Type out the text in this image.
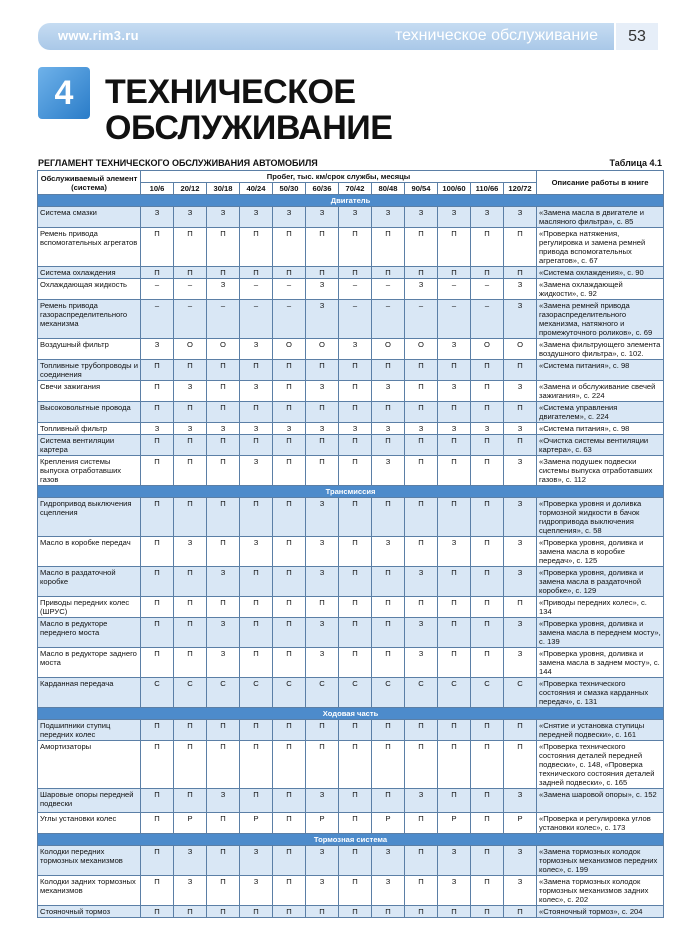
www.rim3.ru	техническое обслуживание	53
4 ТЕХНИЧЕСКОЕ
ОБСЛУЖИВАНИЕ
РЕГЛАМЕНТ ТЕХНИЧЕСКОГО ОБСЛУЖИВАНИЯ АВТОМОБИЛЯ	Таблица 4.1
Обслуживаемый элемент (система)	Пробег, тыс. км/срок службы, месяцы												Описание работы в книге
	10/6	20/12	30/18	40/24	50/30	60/36	70/42	80/48	90/54	100/60	110/66	120/72	
Двигатель													
Система смазки	З	З	З	З	З	З	З	З	З	З	З	З	«Замена масла в двигателе и масляного фильтра», с. 85
Ремень привода вспомогательных агрегатов	П	П	П	П	П	П	П	П	П	П	П	П	«Проверка натяжения, регулировка и замена ремней привода вспомогательных агрегатов», с. 67
Система охлаждения	П	П	П	П	П	П	П	П	П	П	П	П	«Система охлаждения», с. 90
Охлаждающая жидкость	–	–	З	–	–	З	–	–	З	–	–	З	«Замена охлаждающей жидкости», с. 92
Ремень привода газораспределительного механизма	–	–	–	–	–	З	–	–	–	–	–	З	«Замена ремней привода газораспределительного механизма, натяжного и промежуточного роликов», с. 69
Воздушный фильтр	З	О	О	З	О	О	З	О	О	З	О	О	«Замена фильтрующего элемента воздушного фильтра», с. 102.
Топливные трубопроводы и соединения	П	П	П	П	П	П	П	П	П	П	П	П	«Система питания», с. 98
Свечи зажигания	П	З	П	З	П	З	П	З	П	З	П	З	«Замена и обслуживание свечей зажигания», с. 224
Высоковольтные провода	П	П	П	П	П	П	П	П	П	П	П	П	«Система управления двигателем», с. 224
Топливный фильтр	З	З	З	З	З	З	З	З	З	З	З	З	«Система питания», с. 98
Система вентиляции картера	П	П	П	П	П	П	П	П	П	П	П	П	«Очистка системы вентиляции картера», с. 63
Крепления системы выпуска отработавших газов	П	П	П	З	П	П	П	З	П	П	П	З	«Замена подушек подвески системы выпуска отработавших газов», с. 112
Трансмиссия													
Гидропривод выключения сцепления	П	П	П	П	П	З	П	П	П	П	П	З	«Проверка уровня и доливка тормозной жидкости в бачок гидропривода выключения сцепления», с. 58
Масло в коробке передач	П	З	П	З	П	З	П	З	П	З	П	З	«Проверка уровня, доливка и замена масла в коробке передач», с. 125
Масло в раздаточной коробке	П	П	З	П	П	З	П	П	З	П	П	З	«Проверка уровня, доливка и замена масла в раздаточной коробке», с. 129
Приводы передних колес (ШРУС)	П	П	П	П	П	П	П	П	П	П	П	П	«Приводы передних колес», с. 134
Масло в редукторе переднего моста	П	П	З	П	П	З	П	П	З	П	П	З	«Проверка уровня, доливка и замена масла в переднем мосту», с. 139
Масло в редукторе заднего моста	П	П	З	П	П	З	П	П	З	П	П	З	«Проверка уровня, доливка и замена масла в заднем мосту», с. 144
Карданная передача	С	С	С	С	С	С	С	С	С	С	С	С	«Проверка технического состояния и смазка карданных передач», с. 131
Ходовая часть													
Подшипники ступиц передних колес	П	П	П	П	П	П	П	П	П	П	П	П	«Снятие и установка ступицы передней подвески», с. 161
Амортизаторы	П	П	П	П	П	П	П	П	П	П	П	П	«Проверка технического состояния деталей передней подвески», с. 148, «Проверка технического состояния деталей задней подвески», с. 165
Шаровые опоры передней подвески	П	П	З	П	П	З	П	П	З	П	П	З	«Замена шаровой опоры», с. 152
Углы установки колес	П	Р	П	Р	П	Р	П	Р	П	Р	П	Р	«Проверка и регулировка углов установки колес», с. 173
Тормозная система													
Колодки передних тормозных механизмов	П	З	П	З	П	З	П	З	П	З	П	З	«Замена тормозных колодок тормозных механизмов передних колес», с. 199
Колодки задних тормозных механизмов	П	З	П	З	П	З	П	З	П	З	П	З	«Замена тормозных колодок тормозных механизмов задних колес», с. 202
Стояночный тормоз	П	П	П	П	П	П	П	П	П	П	П	П	«Стояночный тормоз», с. 204
